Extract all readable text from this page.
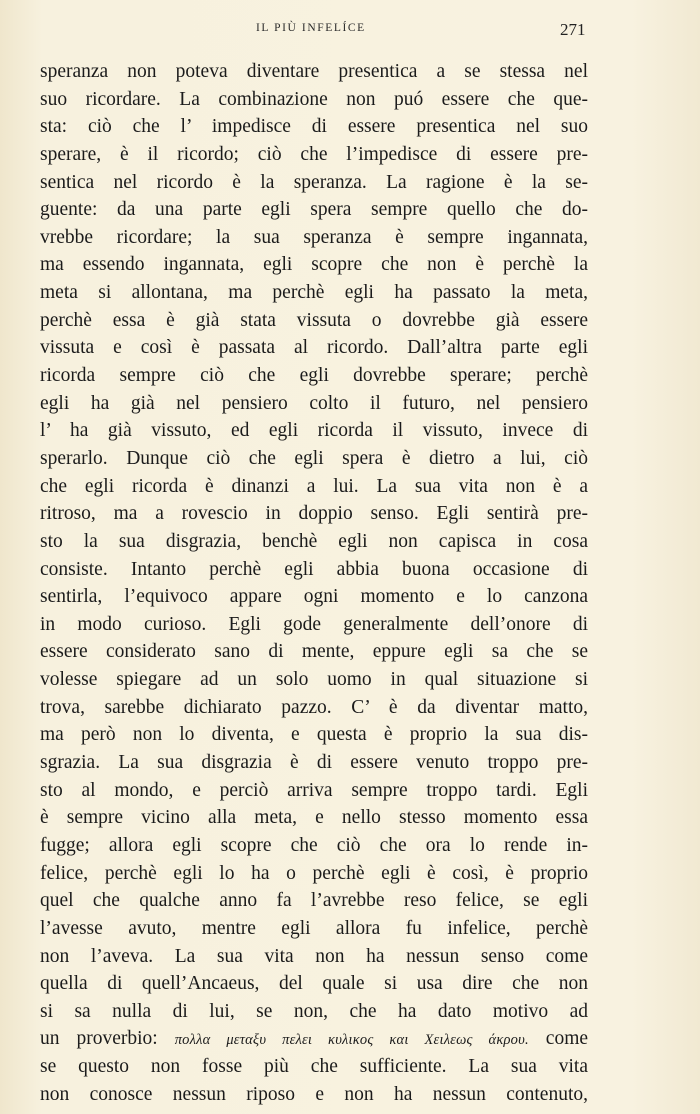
IL PIÙ INFELÍCE	271
speranza non poteva diventare presentica a se stessa nel
suo ricordare. La combinazione non puó essere che que-
sta: ciò che l’ impedisce di essere presentica nel suo
sperare, è il ricordo; ciò che l’impedisce di essere pre-
sentica nel ricordo è la speranza. La ragione è la se-
guente: da una parte egli spera sempre quello che do-
vrebbe ricordare; la sua speranza è sempre ingannata,
ma essendo ingannata, egli scopre che non è perchè la
meta si allontana, ma perchè egli ha passato la meta,
perchè essa è già stata vissuta o dovrebbe già essere
vissuta e così è passata al ricordo. Dall’altra parte egli
ricorda sempre ciò che egli dovrebbe sperare; perchè
egli ha già nel pensiero colto il futuro, nel pensiero
l’ ha già vissuto, ed egli ricorda il vissuto, invece di
sperarlo. Dunque ciò che egli spera è dietro a lui, ciò
che egli ricorda è dinanzi a lui. La sua vita non è a
ritroso, ma a rovescio in doppio senso. Egli sentirà pre-
sto la sua disgrazia, benchè egli non capisca in cosa
consiste. Intanto perchè egli abbia buona occasione di
sentirla, l’equivoco appare ogni momento e lo canzona
in modo curioso. Egli gode generalmente dell’onore di
essere considerato sano di mente, eppure egli sa che se
volesse spiegare ad un solo uomo in qual situazione si
trova, sarebbe dichiarato pazzo. C’ è da diventar matto,
ma però non lo diventa, e questa è proprio la sua dis-
sgrazia. La sua disgrazia è di essere venuto troppo pre-
sto al mondo, e perciò arriva sempre troppo tardi. Egli
è sempre vicino alla meta, e nello stesso momento essa
fugge; allora egli scopre che ciò che ora lo rende in-
felice, perchè egli lo ha o perchè egli è così, è proprio
quel che qualche anno fa l’avrebbe reso felice, se egli
l’avesse avuto, mentre egli allora fu infelice, perchè
non l’aveva. La sua vita non ha nessun senso come
quella di quell’Ancaeus, del quale si usa dire che non
si sa nulla di lui, se non, che ha dato motivo ad
un proverbio: πολλα μεταξυ πελει κυλικος και Χειλεως άκρου. come
se questo non fosse più che sufficiente. La sua vita
non conosce nessun riposo e non ha nessun contenuto,
